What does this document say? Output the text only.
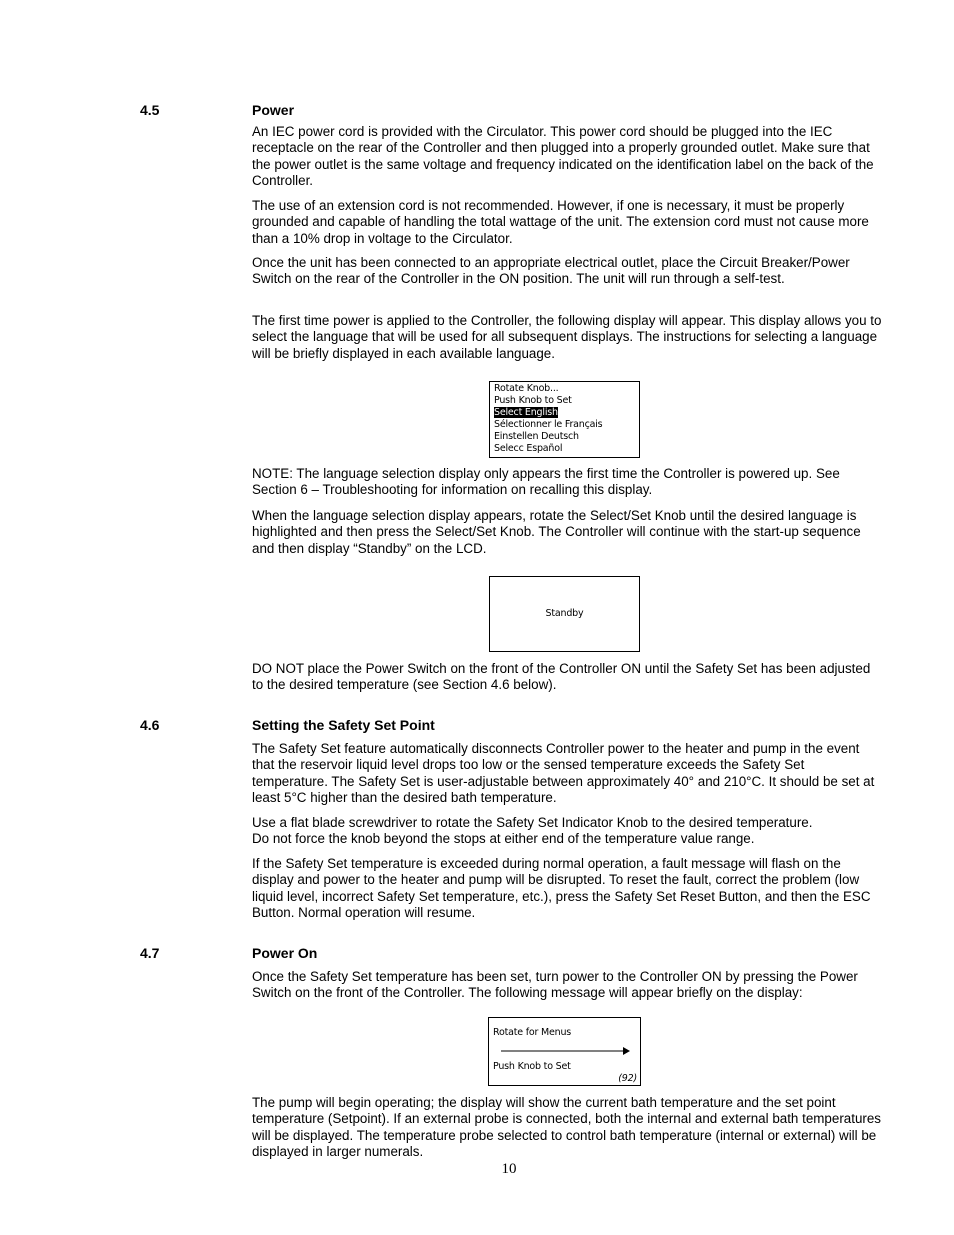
4.5	Power

An IEC power cord is provided with the Circulator. This power cord should be plugged into the IEC receptacle on the rear of the Controller and then plugged into a properly grounded outlet. Make sure that the power outlet is the same voltage and frequency indicated on the identification label on the back of the Controller.

The use of an extension cord is not recommended. However, if one is necessary, it must be properly grounded and capable of handling the total wattage of the unit. The extension cord must not cause more than a 10% drop in voltage to the Circulator.

Once the unit has been connected to an appropriate electrical outlet, place the Circuit Breaker/Power Switch on the rear of the Controller in the ON position. The unit will run through a self-test.

The first time power is applied to the Controller, the following display will appear. This display allows you to select the language that will be used for all subsequent displays. The instructions for selecting a language will be briefly displayed in each available language.

Rotate Knob...
Push Knob to Set
Select English
Sélectionner le Français
Einstellen Deutsch
Selecc Español

NOTE: The language selection display only appears the first time the Controller is powered up. See Section 6 – Troubleshooting for information on recalling this display.

When the language selection display appears, rotate the Select/Set Knob until the desired language is highlighted and then press the Select/Set Knob. The Controller will continue with the start-up sequence and then display “Standby” on the LCD.

Standby

DO NOT place the Power Switch on the front of the Controller ON until the Safety Set has been adjusted to the desired temperature (see Section 4.6 below).

4.6	Setting the Safety Set Point

The Safety Set feature automatically disconnects Controller power to the heater and pump in the event that the reservoir liquid level drops too low or the sensed temperature exceeds the Safety Set temperature. The Safety Set is user-adjustable between approximately 40° and 210°C. It should be set at least 5°C higher than the desired bath temperature.

Use a flat blade screwdriver to rotate the Safety Set Indicator Knob to the desired temperature.
Do not force the knob beyond the stops at either end of the temperature value range.

If the Safety Set temperature is exceeded during normal operation, a fault message will flash on the display and power to the heater and pump will be disrupted. To reset the fault, correct the problem (low liquid level, incorrect Safety Set temperature, etc.), press the Safety Set Reset Button, and then the ESC Button. Normal operation will resume.

4.7	Power On

Once the Safety Set temperature has been set, turn power to the Controller ON by pressing the Power Switch on the front of the Controller. The following message will appear briefly on the display:

Rotate for Menus
Push Knob to Set
(92)

The pump will begin operating; the display will show the current bath temperature and the set point temperature (Setpoint). If an external probe is connected, both the internal and external bath temperatures will be displayed. The temperature probe selected to control bath temperature (internal or external) will be displayed in larger numerals.

10
